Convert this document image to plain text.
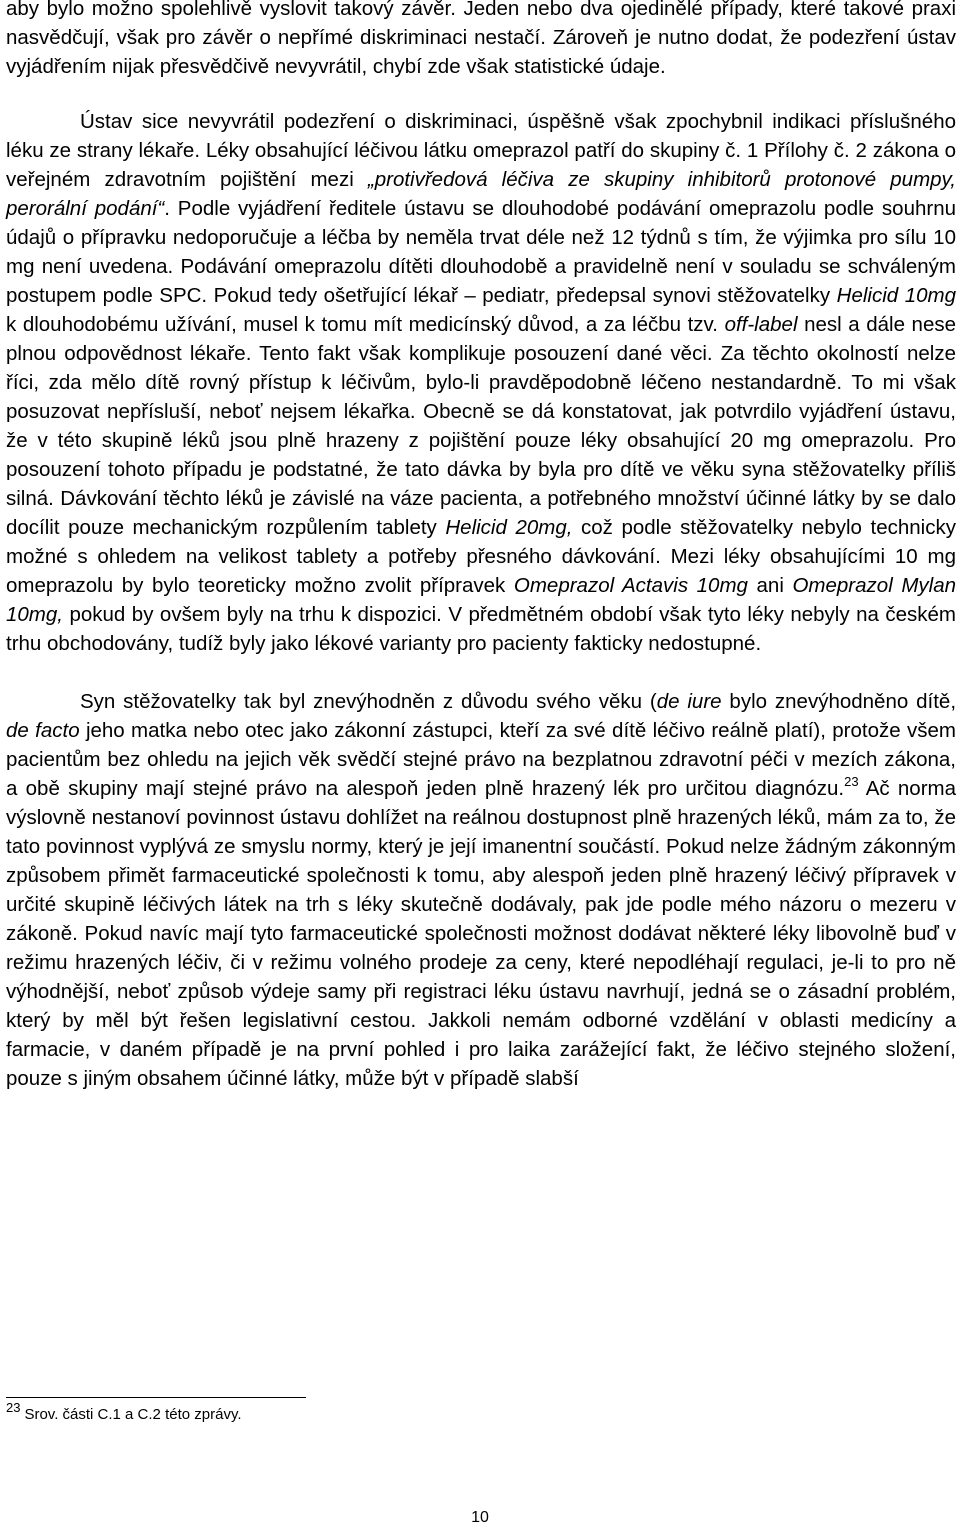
aby bylo možno spolehlivě vyslovit takový závěr. Jeden nebo dva ojedinělé případy, které takové praxi nasvědčují, však pro závěr o nepřímé diskriminaci nestačí. Zároveň je nutno dodat, že podezření ústav vyjádřením nijak přesvědčivě nevyvrátil, chybí zde však statistické údaje.

Ústav sice nevyvrátil podezření o diskriminaci, úspěšně však zpochybnil indikaci příslušného léku ze strany lékaře. Léky obsahující léčivou látku omeprazol patří do skupiny č. 1 Přílohy č. 2 zákona o veřejném zdravotním pojištění mezi „protivředová léčiva ze skupiny inhibitorů protonové pumpy, perorální podání“. Podle vyjádření ředitele ústavu se dlouhodobé podávání omeprazolu podle souhrnu údajů o přípravku nedoporučuje a léčba by neměla trvat déle než 12 týdnů s tím, že výjimka pro sílu 10 mg není uvedena. Podávání omeprazolu dítěti dlouhodobě a pravidelně není v souladu se schváleným postupem podle SPC. Pokud tedy ošetřující lékař – pediatr, předepsal synovi stěžovatelky Helicid 10mg k dlouhodobému užívání, musel k tomu mít medicínský důvod, a za léčbu tzv. off-label nesl a dále nese plnou odpovědnost lékaře. Tento fakt však komplikuje posouzení dané věci. Za těchto okolností nelze říci, zda mělo dítě rovný přístup k léčivům, bylo-li pravděpodobně léčeno nestandardně. To mi však posuzovat nepřísluší, neboť nejsem lékařka. Obecně se dá konstatovat, jak potvrdilo vyjádření ústavu, že v této skupině léků jsou plně hrazeny z pojištění pouze léky obsahující 20 mg omeprazolu. Pro posouzení tohoto případu je podstatné, že tato dávka by byla pro dítě ve věku syna stěžovatelky příliš silná. Dávkování těchto léků je závislé na váze pacienta, a potřebného množství účinné látky by se dalo docílit pouze mechanickým rozpůlením tablety Helicid 20mg, což podle stěžovatelky nebylo technicky možné s ohledem na velikost tablety a potřeby přesného dávkování. Mezi léky obsahujícími 10 mg omeprazolu by bylo teoreticky možno zvolit přípravek Omeprazol Actavis 10mg ani Omeprazol Mylan 10mg, pokud by ovšem byly na trhu k dispozici. V předmětném období však tyto léky nebyly na českém trhu obchodovány, tudíž byly jako lékové varianty pro pacienty fakticky nedostupné.

Syn stěžovatelky tak byl znevýhodněn z důvodu svého věku (de iure bylo znevýhodněno dítě, de facto jeho matka nebo otec jako zákonní zástupci, kteří za své dítě léčivo reálně platí), protože všem pacientům bez ohledu na jejich věk svědčí stejné právo na bezplatnou zdravotní péči v mezích zákona, a obě skupiny mají stejné právo na alespoň jeden plně hrazený lék pro určitou diagnózu.$^{23}$ Ač norma výslovně nestanoví povinnost ústavu dohlížet na reálnou dostupnost plně hrazených léků, mám za to, že tato povinnost vyplývá ze smyslu normy, který je její imanentní součástí. Pokud nelze žádným zákonným způsobem přimět farmaceutické společnosti k tomu, aby alespoň jeden plně hrazený léčivý přípravek v určité skupině léčivých látek na trh s léky skutečně dodávaly, pak jde podle mého názoru o mezeru v zákoně. Pokud navíc mají tyto farmaceutické společnosti možnost dodávat některé léky libovolně buď v režimu hrazených léčiv, či v režimu volného prodeje za ceny, které nepodléhají regulaci, je-li to pro ně výhodnější, neboť způsob výdeje samy při registraci léku ústavu navrhují, jedná se o zásadní problém, který by měl být řešen legislativní cestou. Jakkoli nemám odborné vzdělání v oblasti medicíny a farmacie, v daném případě je na první pohled i pro laika zarážející fakt, že léčivo stejného složení, pouze s jiným obsahem účinné látky, může být v případě slabší

23 Srov. části C.1 a C.2 této zprávy.
10
